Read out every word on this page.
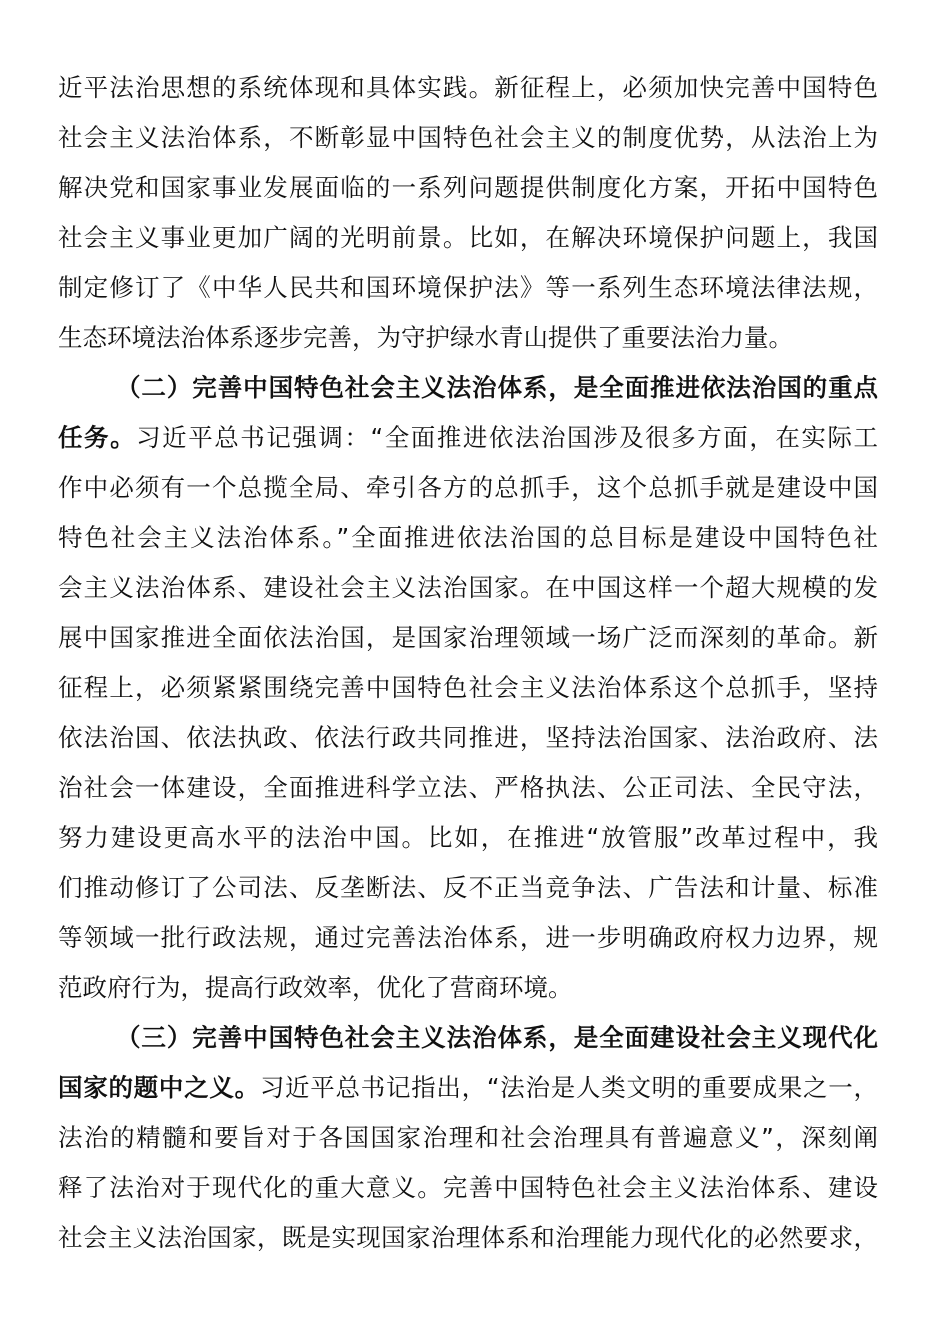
近平法治思想的系统体现和具体实践。新征程上，必须加快完善中国特色
社会主义法治体系，不断彰显中国特色社会主义的制度优势，从法治上为
解决党和国家事业发展面临的一系列问题提供制度化方案，开拓中国特色
社会主义事业更加广阔的光明前景。比如，在解决环境保护问题上，我国
制定修订了《中华人民共和国环境保护法》等一系列生态环境法律法规，
生态环境法治体系逐步完善，为守护绿水青山提供了重要法治力量。
（二）完善中国特色社会主义法治体系，是全面推进依法治国的重点
任务。习近平总书记强调：“全面推进依法治国涉及很多方面，在实际工
作中必须有一个总揽全局、牵引各方的总抓手，这个总抓手就是建设中国
特色社会主义法治体系。”全面推进依法治国的总目标是建设中国特色社
会主义法治体系、建设社会主义法治国家。在中国这样一个超大规模的发
展中国家推进全面依法治国，是国家治理领域一场广泛而深刻的革命。新
征程上，必须紧紧围绕完善中国特色社会主义法治体系这个总抓手，坚持
依法治国、依法执政、依法行政共同推进，坚持法治国家、法治政府、法
治社会一体建设，全面推进科学立法、严格执法、公正司法、全民守法，
努力建设更高水平的法治中国。比如，在推进“放管服”改革过程中，我
们推动修订了公司法、反垄断法、反不正当竞争法、广告法和计量、标准
等领域一批行政法规，通过完善法治体系，进一步明确政府权力边界，规
范政府行为，提高行政效率，优化了营商环境。
（三）完善中国特色社会主义法治体系，是全面建设社会主义现代化
国家的题中之义。习近平总书记指出，“法治是人类文明的重要成果之一，
法治的精髓和要旨对于各国国家治理和社会治理具有普遍意义”，深刻阐
释了法治对于现代化的重大意义。完善中国特色社会主义法治体系、建设
社会主义法治国家，既是实现国家治理体系和治理能力现代化的必然要求，
